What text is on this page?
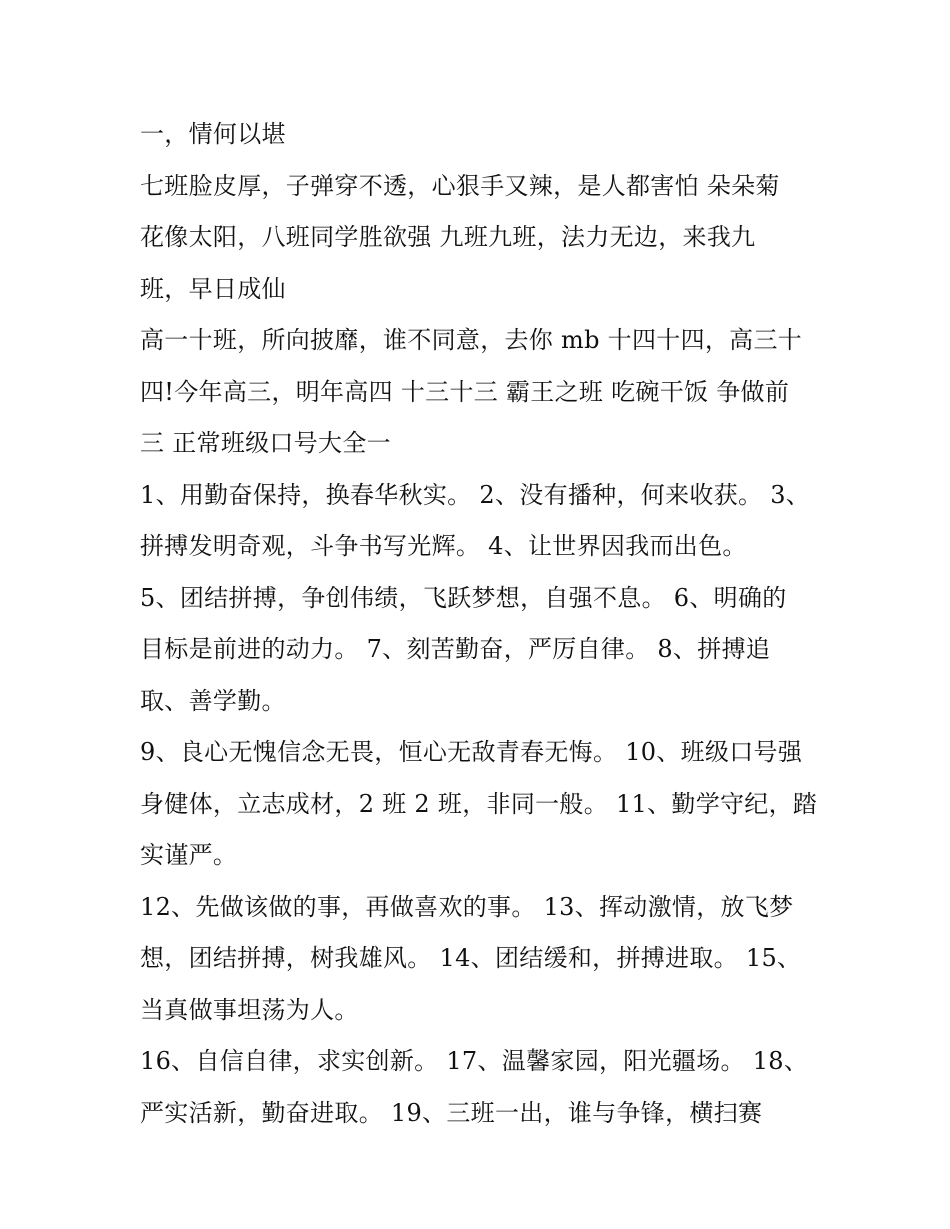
一，情何以堪

七班脸皮厚，子弹穿不透，心狠手又辣，是人都害怕 朵朵菊

花像太阳，八班同学胜欲强 九班九班，法力无边，来我九

班，早日成仙

高一十班，所向披靡，谁不同意，去你 mb 十四十四，高三十

四!今年高三，明年高四 十三十三 霸王之班 吃碗干饭 争做前

三 正常班级口号大全一

1、用勤奋保持，换春华秋实。 2、没有播种，何来收获。 3、

拼搏发明奇观，斗争书写光辉。 4、让世界因我而出色。

5、团结拼搏，争创伟绩，飞跃梦想，自强不息。 6、明确的

目标是前进的动力。 7、刻苦勤奋，严厉自律。 8、拼搏追

取、善学勤。

9、良心无愧信念无畏，恒心无敌青春无悔。 10、班级口号强

身健体，立志成材，2 班 2 班，非同一般。 11、勤学守纪，踏

实谨严。

12、先做该做的事，再做喜欢的事。 13、挥动激情，放飞梦

想，团结拼搏，树我雄风。 14、团结缓和，拼搏进取。 15、

当真做事坦荡为人。

16、自信自律，求实创新。 17、温馨家园，阳光疆场。 18、

严实活新，勤奋进取。 19、三班一出，谁与争锋，横扫赛
